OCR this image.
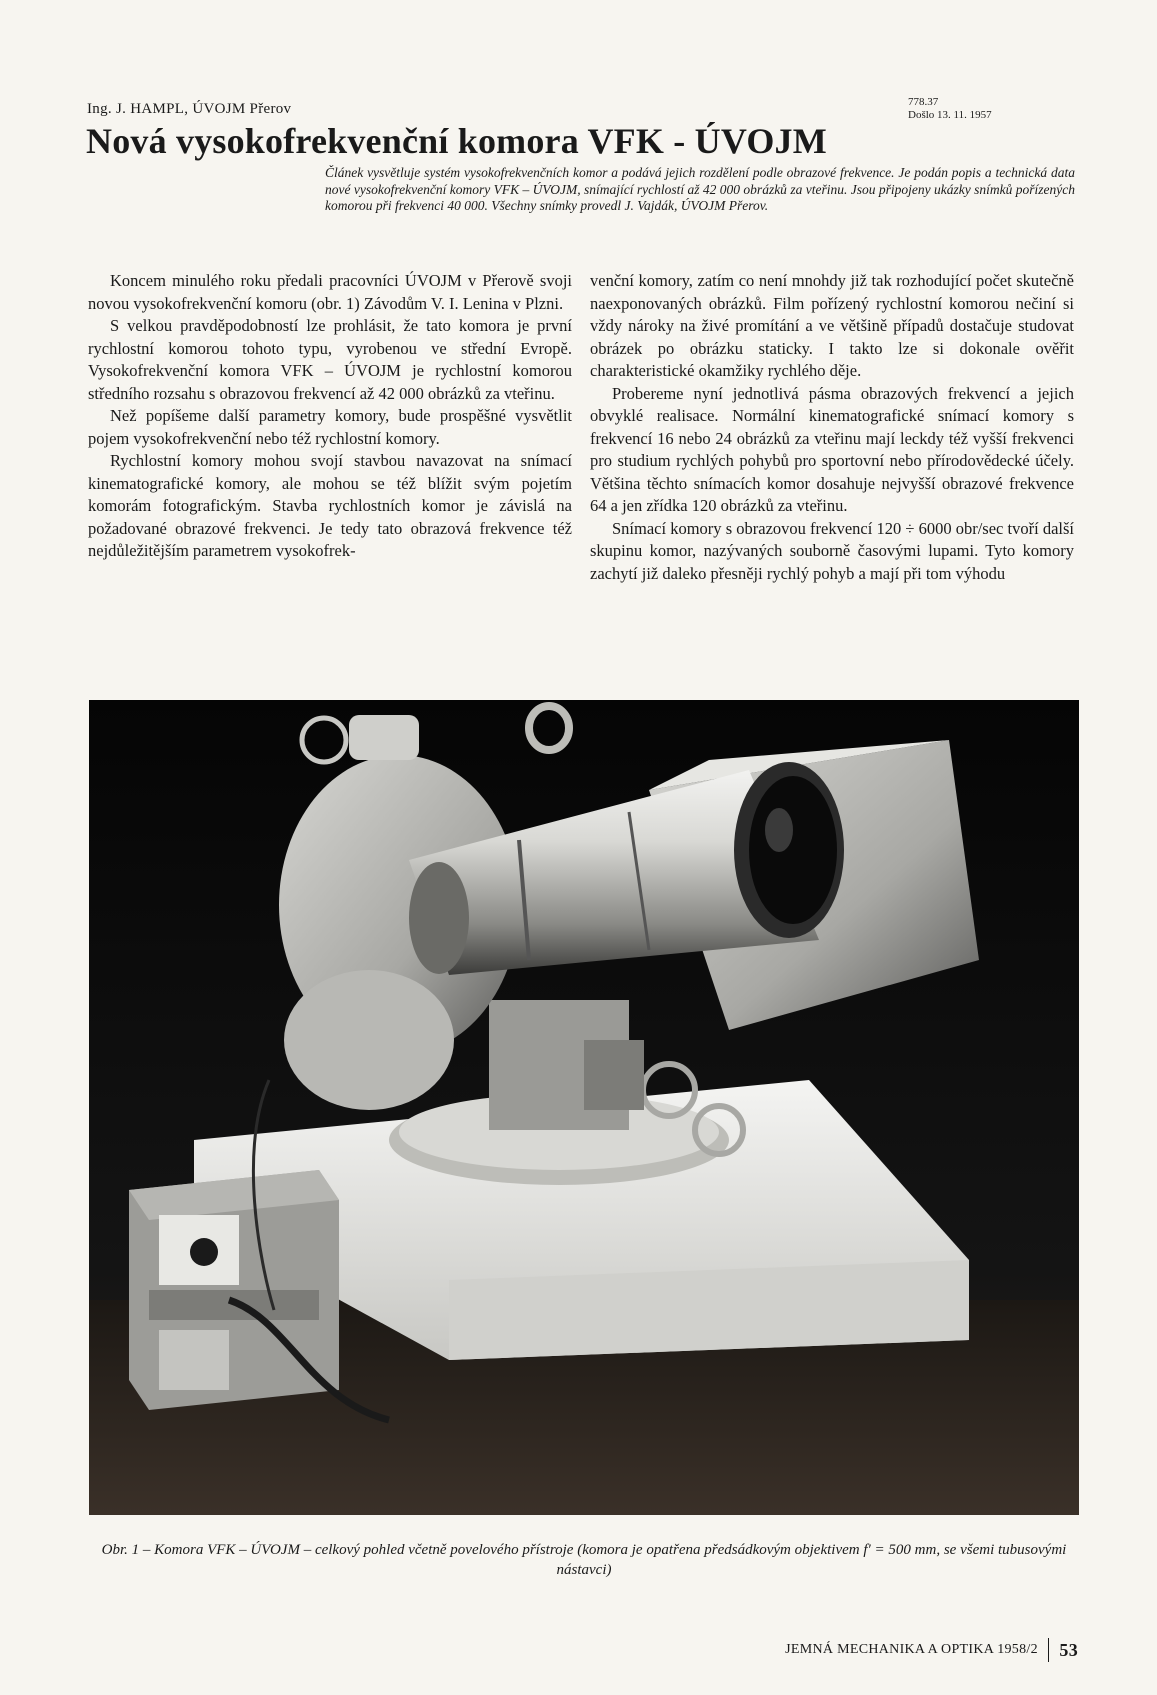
Ing. J. HAMPL, ÚVOJM Přerov	778.37
Došlo 13. 11. 1957
Nová vysokofrekvenční komora VFK - ÚVOJM
Článek vysvětluje systém vysokofrekvenčních komor a podává jejich rozdělení podle obrazové frekvence. Je podán popis a technická data nové vysokofrekvenční komory VFK – ÚVOJM, snímající rychlostí až 42 000 obrázků za vteřinu. Jsou připojeny ukázky snímků pořízených komorou při frekvenci 40 000. Všechny snímky provedl J. Vajdák, ÚVOJM Přerov.

Koncem minulého roku předali pracovníci ÚVOJM v Přerově svoji novou vysokofrekvenční komoru (obr. 1) Závodům V. I. Lenina v Plzni.

S velkou pravděpodobností lze prohlásit, že tato komora je první rychlostní komorou tohoto typu, vyrobenou ve střední Evropě. Vysokofrekvenční komora VFK – ÚVOJM je rychlostní komorou středního rozsahu s obrazovou frekvencí až 42 000 obrázků za vteřinu.

Než popíšeme další parametry komory, bude prospěšné vysvětlit pojem vysokofrekvenční nebo též rychlostní komory.

Rychlostní komory mohou svojí stavbou navazovat na snímací kinematografické komory, ale mohou se též blížit svým pojetím komorám fotografickým. Stavba rychlostních komor je závislá na požadované obrazové frekvenci. Je tedy tato obrazová frekvence též nejdůležitějším parametrem vysokofrek-

venční komory, zatím co není mnohdy již tak rozhodující počet skutečně naexponovaných obrázků. Film pořízený rychlostní komorou nečiní si vždy nároky na živé promítání a ve většině případů dostačuje studovat obrázek po obrázku staticky. I takto lze si dokonale ověřit charakteristické okamžiky rychlého děje.

Probereme nyní jednotlivá pásma obrazových frekvencí a jejich obvyklé realisace. Normální kinematografické snímací komory s frekvencí 16 nebo 24 obrázků za vteřinu mají leckdy též vyšší frekvenci pro studium rychlých pohybů pro sportovní nebo přírodovědecké účely. Většina těchto snímacích komor dosahuje nejvyšší obrazové frekvence 64 a jen zřídka 120 obrázků za vteřinu.

Snímací komory s obrazovou frekvencí 120 ÷ 6000 obr/sec tvoří další skupinu komor, nazývaných souborně časovými lupami. Tyto komory zachytí již daleko přesněji rychlý pohyb a mají při tom výhodu

Obr. 1 – Komora VFK – ÚVOJM – celkový pohled včetně povelového přístroje (komora je opatřena předsádkovým objektivem f′ = 500 mm, se všemi tubusovými nástavci)
JEMNÁ MECHANIKA A OPTIKA 1958/2 53
